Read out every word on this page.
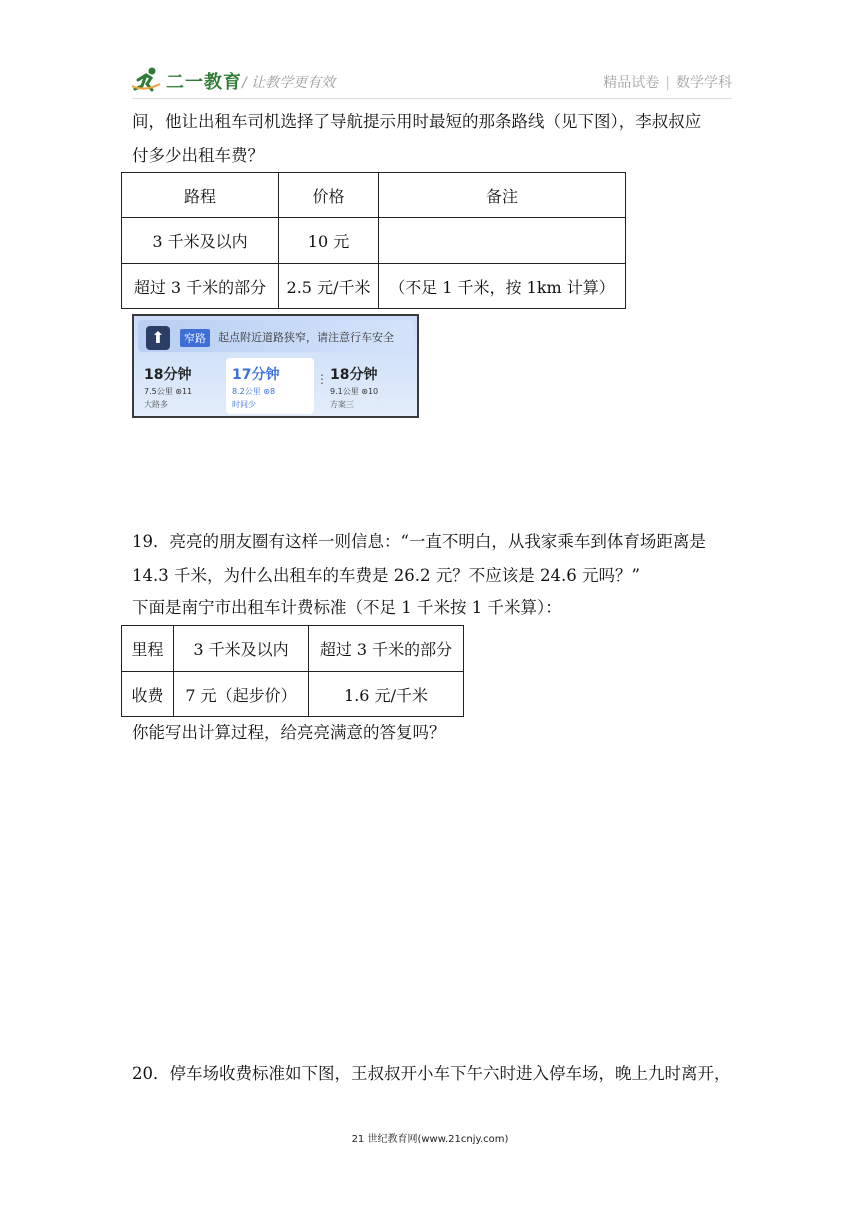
二一教育 / 让教学更有效	精品试卷 | 数学学科
间，他让出租车司机选择了导航提示用时最短的那条路线（见下图），李叔叔应
付多少出租车费？
路程	价格	备注
3 千米及以内	10 元	
超过 3 千米的部分	2.5 元/千米	（不足 1 千米，按 1km 计算）
⬆	窄路	起点附近道路狭窄，请注意行车安全
18分钟
7.5公里 ⊛11
大路多
17分钟
8.2公里 ⊛8
时间少
⋮ 18分钟
9.1公里 ⊛10
方案三
19．亮亮的朋友圈有这样一则信息：“一直不明白，从我家乘车到体育场距离是
14.3 千米，为什么出租车的车费是 26.2 元？不应该是 24.6 元吗？”
下面是南宁市出租车计费标准（不足 1 千米按 1 千米算）：
里程	3 千米及以内	超过 3 千米的部分
收费	7 元（起步价）	1.6 元/千米
你能写出计算过程，给亮亮满意的答复吗？
20．停车场收费标准如下图，王叔叔开小车下午六时进入停车场，晚上九时离开，
21 世纪教育网(www.21cnjy.com)
